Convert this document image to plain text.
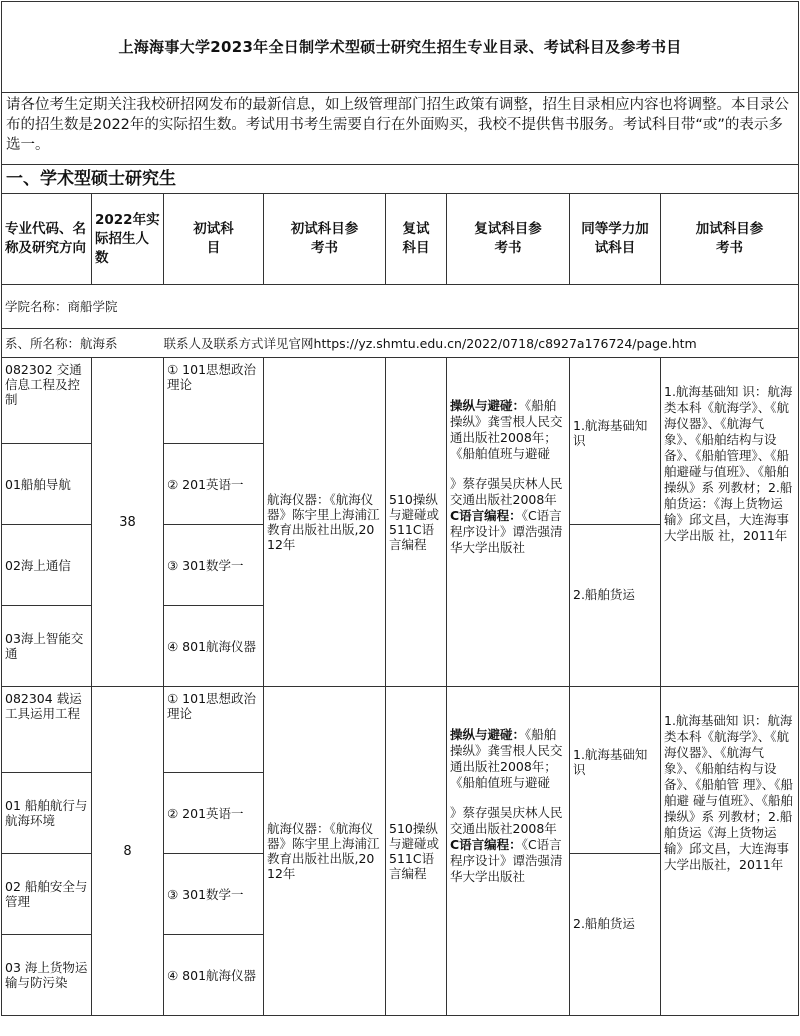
上海海事大学2023年全日制学术型硕士研究生招生专业目录、考试科目及参考书目							
请各位考生定期关注我校研招网发布的最新信息，如上级管理部门招生政策有调整，招生目录相应内容也将调整。本目录公布的招生数是2022年的实际招生数。考试用书考生需要自行在外面购买，我校不提供售书服务。考试科目带“或”的表示多选一。							
一、学术型硕士研究生							
专业代码、名称及研究方向	2022年实际招生人数	初试科目	初试科目参考书	复试科目	复试科目参考书	同等学力加试科目	加试科目参考书

学院名称：商船学院							
系、所名称：航海系 联系人及联系方式详见官网https://yz.shmtu.edu.cn/2022/0718/c8927a176724/page.htm							
082302 交通信息工程及控制	38	① 101思想政治理论	航海仪器：《航海仪器》陈宇里上海浦江教育出版社出版,2012年	510操纵与避碰或511C语言编程	操纵与避碰：《船舶操纵》龚雪根人民交通出版社2008年；
《船舶值班与避碰
》蔡存强吴庆林人民交通出版社2008年
C语言编程：《C语言程序设计》谭浩强清华大学出版社	1.航海基础知识	1.航海基础知 识：航海类本科《航海学》、《航海仪器》、《航海气象》、《船舶结构与设备》、《船舶管理》、《船舶避碰与值班》、《船舶操纵》系 列教材；2.船舶货运：《海上货物运输》邱文昌，大连海事大学出版 社，2011年
01船舶导航		② 201英语一					
02海上通信		③ 301数学一				2.船舶货运	
03海上智能交通		④ 801航海仪器					
082304 载运工具运用工程	8	① 101思想政治理论	航海仪器：《航海仪器》陈宇里上海浦江教育出版社出版,2012年	510操纵与避碰或511C语言编程	操纵与避碰：《船舶操纵》龚雪根人民交通出版社2008年；
《船舶值班与避碰
》蔡存强吴庆林人民交通出版社2008年
C语言编程：《C语言程序设计》谭浩强清华大学出版社	1.航海基础知识	1.航海基础知 识：航海类本科《航海学》、《航海仪器》、《航海气象》、《船舶结构与设 备》、《船舶管 理》、《船舶避 碰与值班》、《船舶操纵》系 列教材；2.船舶货运《海上货物运输》邱文昌，大连海事大学出版社，2011年
01 船舶航行与航海环境		② 201英语一					
02 船舶安全与管理		③ 301数学一				2.船舶货运	
03 海上货物运输与防污染		④ 801航海仪器					
